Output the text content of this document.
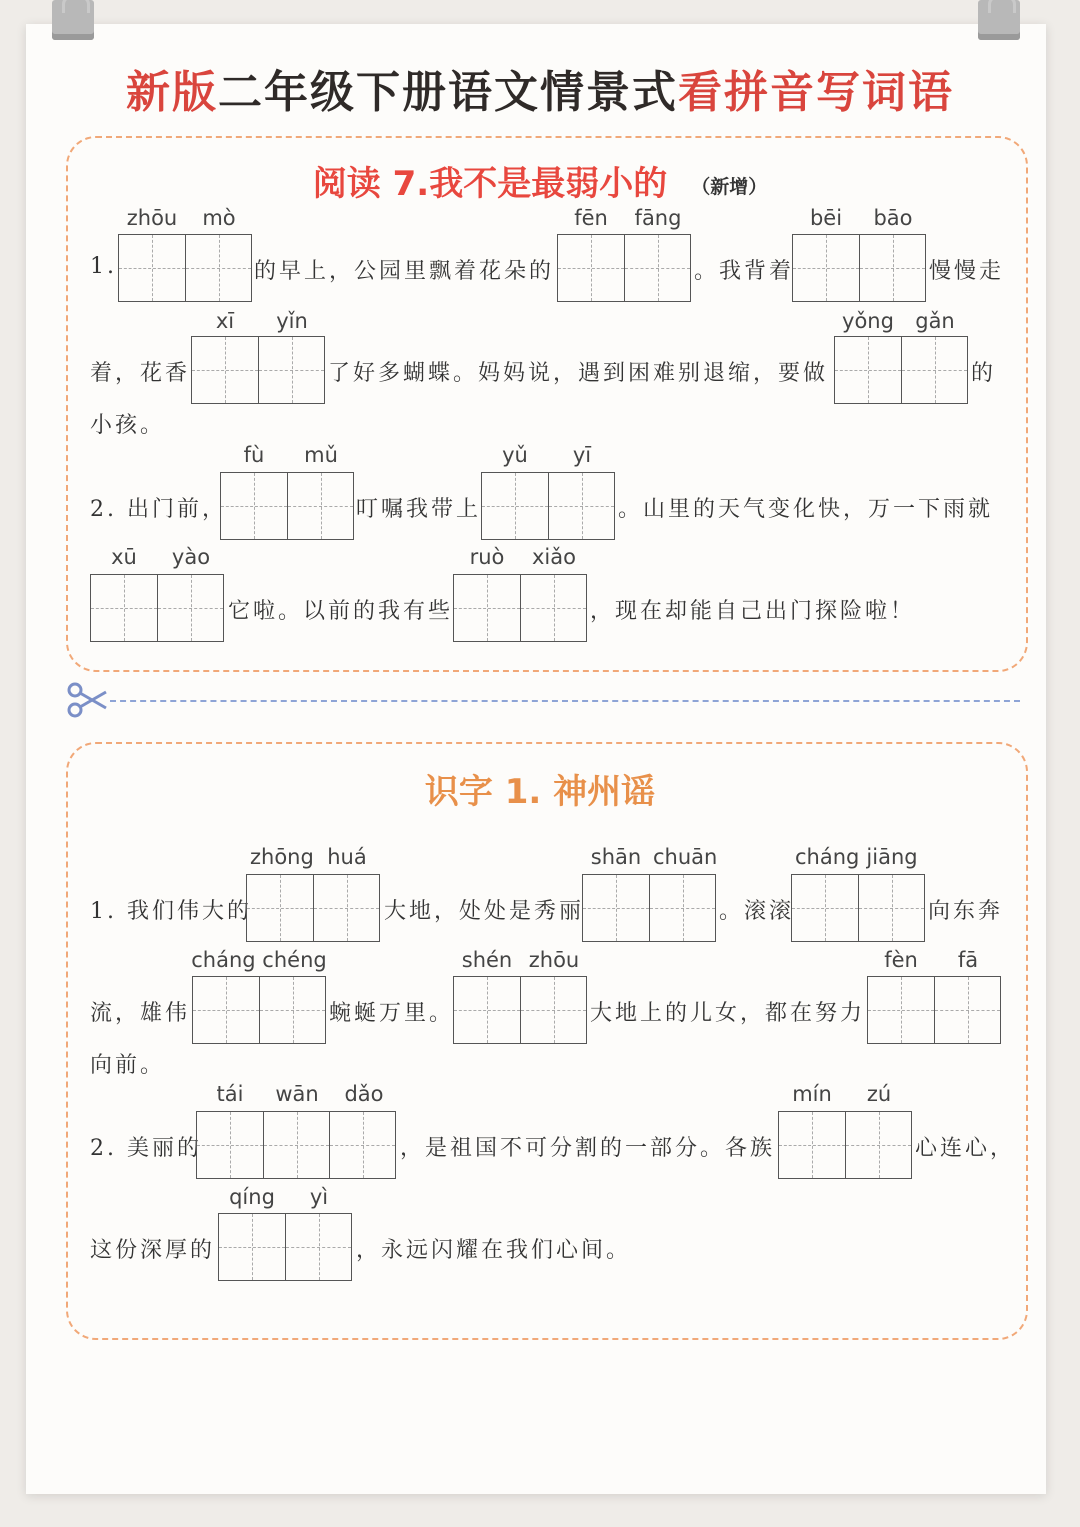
新版二年级下册语文情景式看拼音写词语
阅读 7.我不是最弱小的 （新增）
zhōu	mò	fēn	fāng	bēi	bāo
1.	的早上，公园里飘着花朵的	。我背着	慢慢走
xī	yǐn	yǒng	gǎn
着，花香	了好多蝴蝶。妈妈说，遇到困难别退缩，要做	的
小孩。
fù	mǔ	yǔ	yī
2. 出门前，	叮嘱我带上	。山里的天气变化快，万一下雨就
xū	yào	ruò	xiǎo
它啦。以前的我有些	，现在却能自己出门探险啦！
识字 1. 神州谣
zhōng huá	shān chuān	cháng jiāng
1. 我们伟大的	大地，处处是秀丽	。滚滚	向东奔
cháng chéng	shén zhōu	fèn	fā
流，雄伟	蜿蜒万里。	大地上的儿女，都在努力
向前。
tái	wān	dǎo	mín	zú
2. 美丽的	，是祖国不可分割的一部分。各族	心连心，
qíng	yì
这份深厚的	，永远闪耀在我们心间。
